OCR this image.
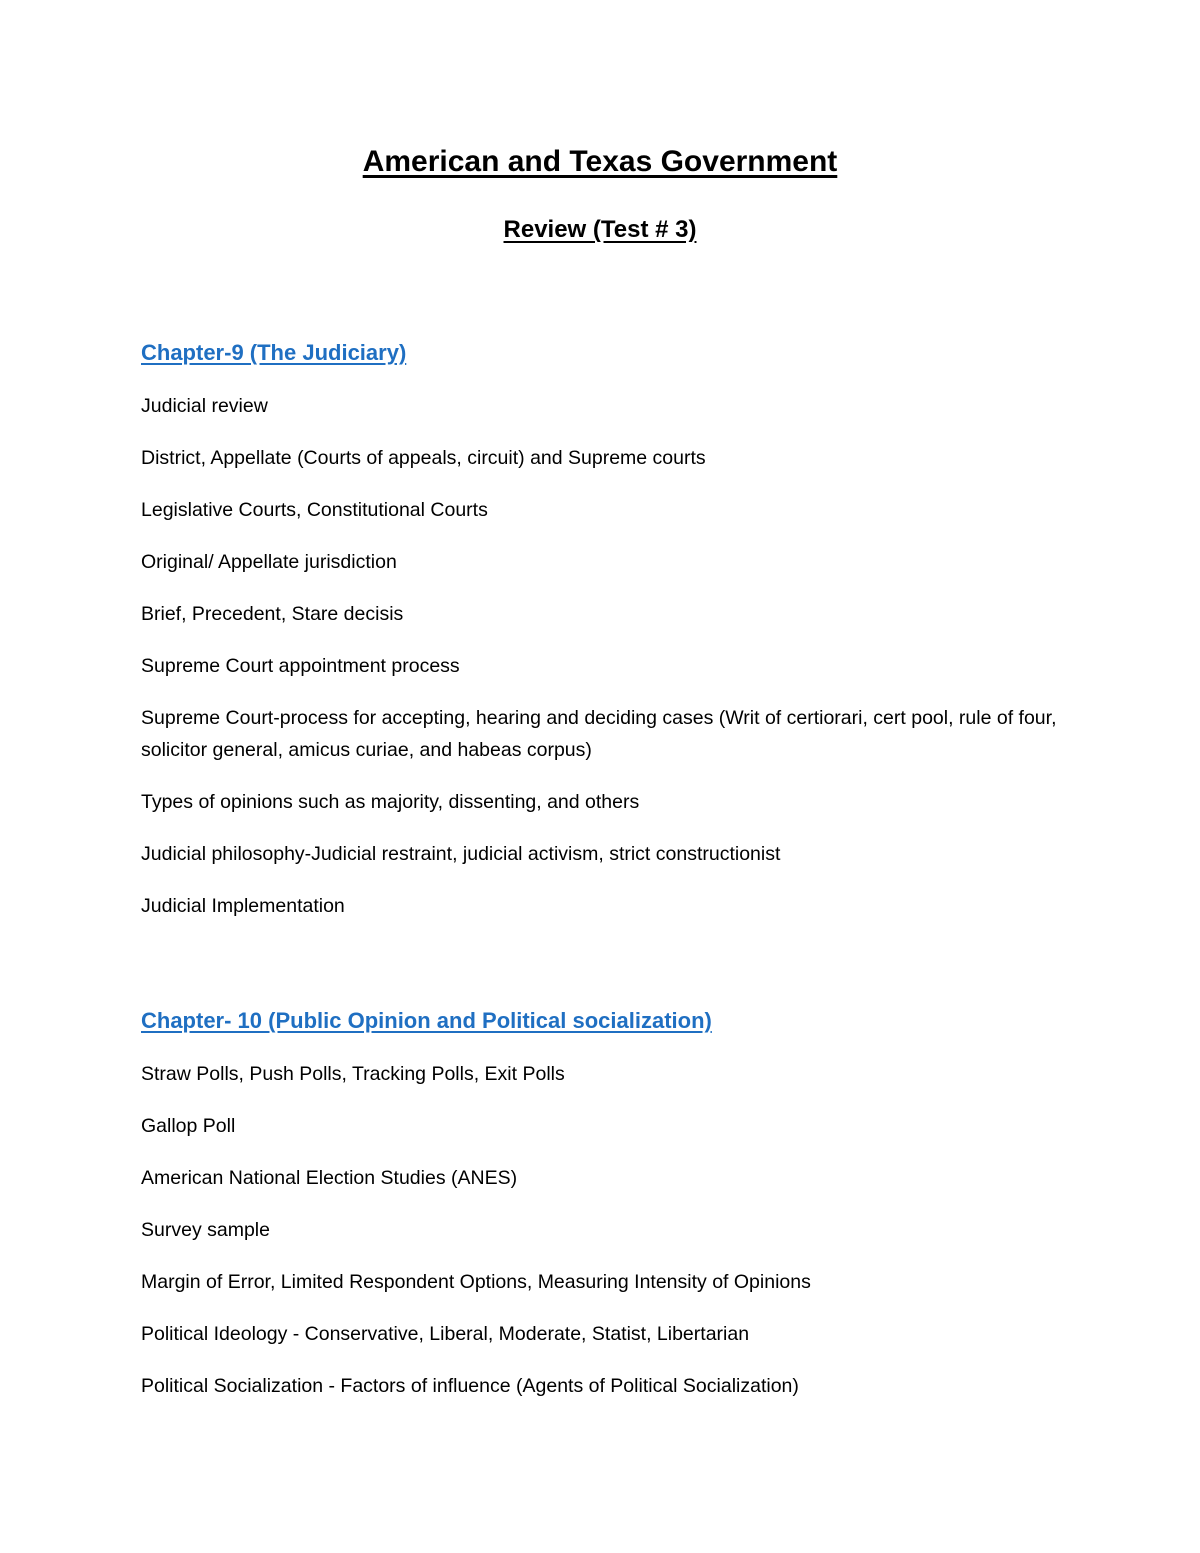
American and Texas Government
Review (Test # 3)
Chapter-9 (The Judiciary)
Judicial review
District, Appellate (Courts of appeals, circuit) and Supreme courts
Legislative Courts, Constitutional Courts
Original/ Appellate jurisdiction
Brief, Precedent, Stare decisis
Supreme Court appointment process
Supreme Court-process for accepting, hearing and deciding cases (Writ of certiorari, cert pool, rule of four, solicitor general, amicus curiae, and habeas corpus)
Types of opinions such as majority, dissenting, and others
Judicial philosophy-Judicial restraint, judicial activism, strict constructionist
Judicial Implementation
Chapter- 10 (Public Opinion and Political socialization)
Straw Polls, Push Polls, Tracking Polls, Exit Polls
Gallop Poll
American National Election Studies (ANES)
Survey sample
Margin of Error, Limited Respondent Options, Measuring Intensity of Opinions
Political Ideology - Conservative, Liberal, Moderate, Statist, Libertarian
Political Socialization - Factors of influence (Agents of Political Socialization)
